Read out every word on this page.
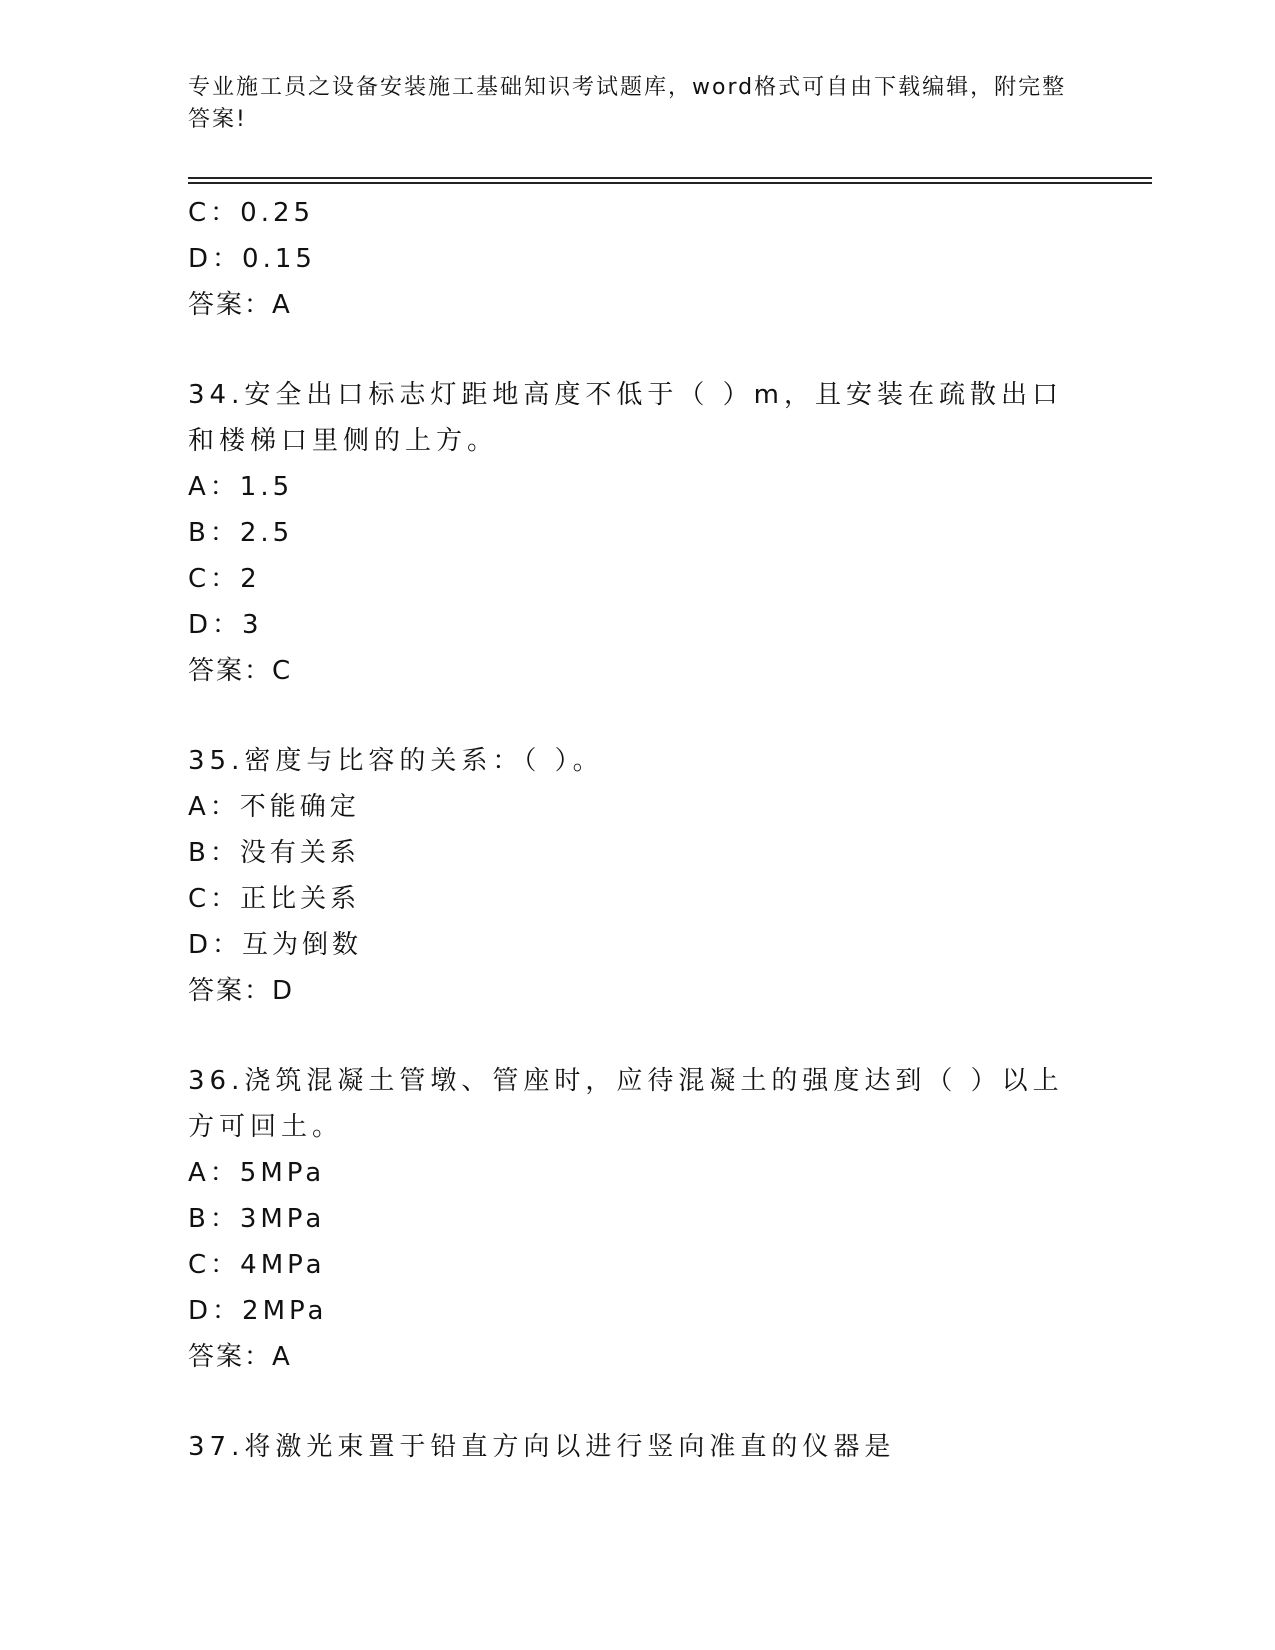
专业施工员之设备安装施工基础知识考试题库，word格式可自由下载编辑，附完整答案!
C：0.25
D：0.15
答案：A
34.安全出口标志灯距地高度不低于（ ）m，且安装在疏散出口和楼梯口里侧的上方。
A：1.5
B：2.5
C：2
D：3
答案：C
35.密度与比容的关系：（ ）。
A：不能确定
B：没有关系
C：正比关系
D：互为倒数
答案：D
36.浇筑混凝土管墩、管座时，应待混凝土的强度达到（ ）以上方可回土。
A：5MPa
B：3MPa
C：4MPa
D：2MPa
答案：A
37.将激光束置于铅直方向以进行竖向准直的仪器是
